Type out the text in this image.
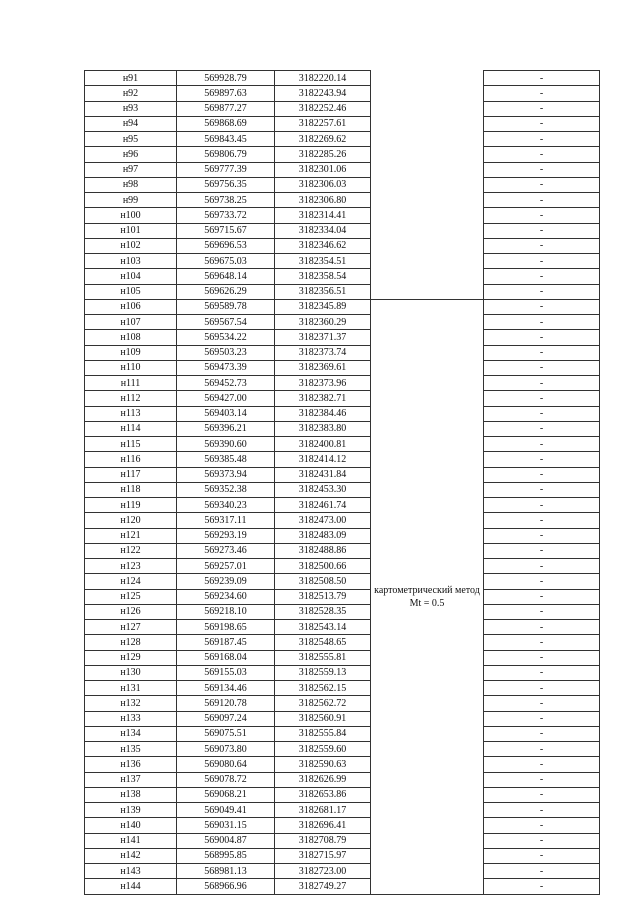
н91	569928.79	3182220.14		-
н92	569897.63	3182243.94		-
н93	569877.27	3182252.46		-
н94	569868.69	3182257.61		-
н95	569843.45	3182269.62		-
н96	569806.79	3182285.26		-
н97	569777.39	3182301.06		-
н98	569756.35	3182306.03		-
н99	569738.25	3182306.80		-
н100	569733.72	3182314.41		-
н101	569715.67	3182334.04		-
н102	569696.53	3182346.62		-
н103	569675.03	3182354.51		-
н104	569648.14	3182358.54		-
н105	569626.29	3182356.51		-
н106	569589.78	3182345.89	картометрический метод Mt = 0.5	-
н107	569567.54	3182360.29		-
н108	569534.22	3182371.37		-
н109	569503.23	3182373.74		-
н110	569473.39	3182369.61		-
н111	569452.73	3182373.96		-
н112	569427.00	3182382.71		-
н113	569403.14	3182384.46		-
н114	569396.21	3182383.80		-
н115	569390.60	3182400.81		-
н116	569385.48	3182414.12		-
н117	569373.94	3182431.84		-
н118	569352.38	3182453.30		-
н119	569340.23	3182461.74		-
н120	569317.11	3182473.00		-
н121	569293.19	3182483.09		-
н122	569273.46	3182488.86		-
н123	569257.01	3182500.66		-
н124	569239.09	3182508.50		-
н125	569234.60	3182513.79		-
н126	569218.10	3182528.35		-
н127	569198.65	3182543.14		-
н128	569187.45	3182548.65		-
н129	569168.04	3182555.81		-
н130	569155.03	3182559.13		-
н131	569134.46	3182562.15		-
н132	569120.78	3182562.72		-
н133	569097.24	3182560.91		-
н134	569075.51	3182555.84		-
н135	569073.80	3182559.60		-
н136	569080.64	3182590.63		-
н137	569078.72	3182626.99		-
н138	569068.21	3182653.86		-
н139	569049.41	3182681.17		-
н140	569031.15	3182696.41		-
н141	569004.87	3182708.79		-
н142	568995.85	3182715.97		-
н143	568981.13	3182723.00		-
н144	568966.96	3182749.27		-
